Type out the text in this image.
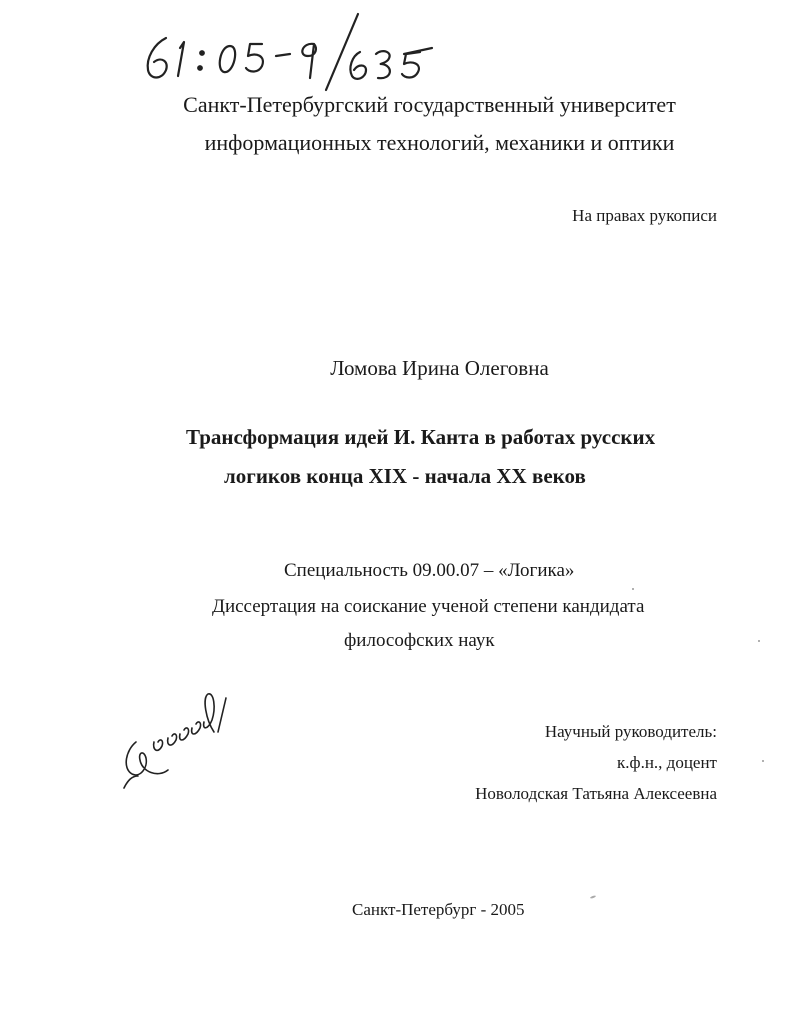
Санкт-Петербургский государственный университет
информационных технологий, механики и оптики
На правах рукописи
Ломова Ирина Олеговна
Трансформация идей И. Канта в работах русских
логиков конца XIX - начала XX веков
Специальность 09.00.07 – «Логика»
Диссертация на соискание ученой степени кандидата
философских наук
Научный руководитель:
к.ф.н., доцент
Новолодская Татьяна Алексеевна
Санкт-Петербург - 2005
